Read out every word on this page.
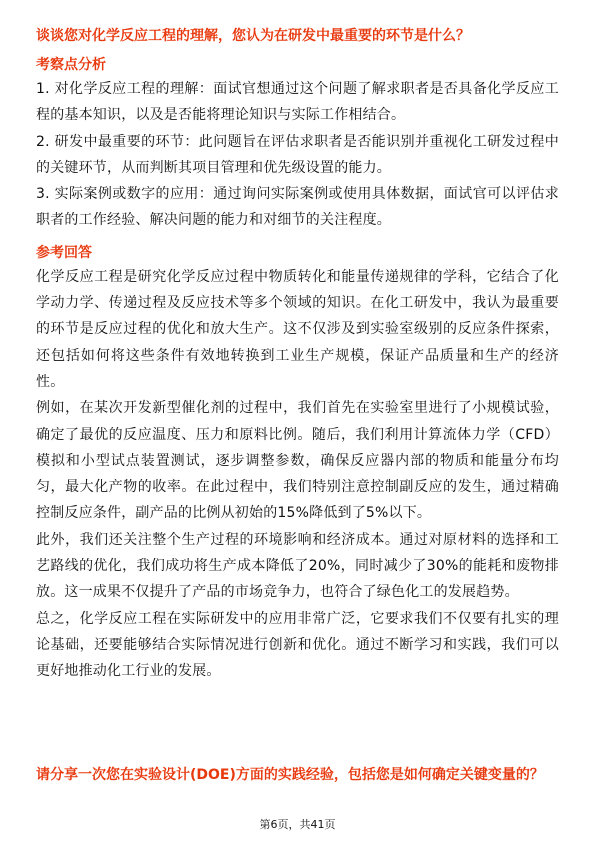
谈谈您对化学反应工程的理解，您认为在研发中最重要的环节是什么？

考察点分析

1. 对化学反应工程的理解：面试官想通过这个问题了解求职者是否具备化学反应工程的基本知识，以及是否能将理论知识与实际工作相结合。

2. 研发中最重要的环节：此问题旨在评估求职者是否能识别并重视化工研发过程中的关键环节，从而判断其项目管理和优先级设置的能力。

3. 实际案例或数字的应用：通过询问实际案例或使用具体数据，面试官可以评估求职者的工作经验、解决问题的能力和对细节的关注程度。

参考回答

化学反应工程是研究化学反应过程中物质转化和能量传递规律的学科，它结合了化学动力学、传递过程及反应技术等多个领域的知识。在化工研发中，我认为最重要的环节是反应过程的优化和放大生产。这不仅涉及到实验室级别的反应条件探索，还包括如何将这些条件有效地转换到工业生产规模，保证产品质量和生产的经济性。

例如，在某次开发新型催化剂的过程中，我们首先在实验室里进行了小规模试验，确定了最优的反应温度、压力和原料比例。随后，我们利用计算流体力学（CFD）模拟和小型试点装置测试，逐步调整参数，确保反应器内部的物质和能量分布均匀，最大化产物的收率。在此过程中，我们特别注意控制副反应的发生，通过精确控制反应条件，副产品的比例从初始的15%降低到了5%以下。

此外，我们还关注整个生产过程的环境影响和经济成本。通过对原材料的选择和工艺路线的优化，我们成功将生产成本降低了20%，同时减少了30%的能耗和废物排放。这一成果不仅提升了产品的市场竞争力，也符合了绿色化工的发展趋势。

总之，化学反应工程在实际研发中的应用非常广泛，它要求我们不仅要有扎实的理论基础，还要能够结合实际情况进行创新和优化。通过不断学习和实践，我们可以更好地推动化工行业的发展。

请分享一次您在实验设计(DOE)方面的实践经验，包括您是如何确定关键变量的？

第6页，共41页
